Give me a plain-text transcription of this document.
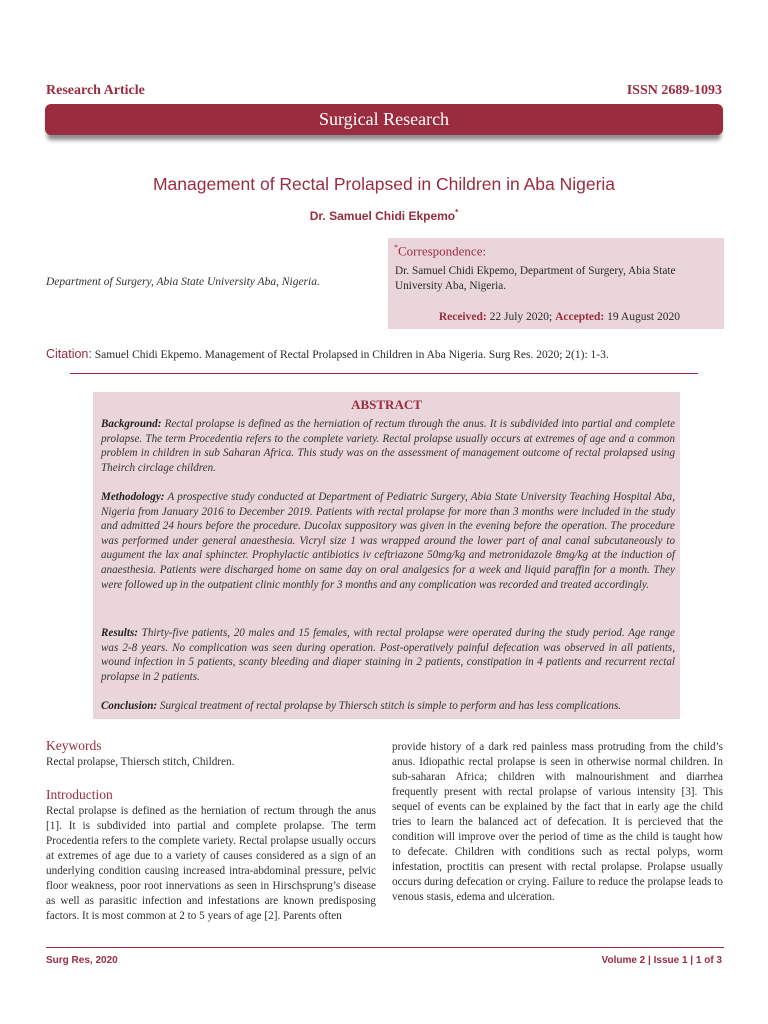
Research Article	ISSN 2689-1093
Surgical Research
Management of Rectal Prolapsed in Children in Aba Nigeria
Dr. Samuel Chidi Ekpemo*
Department of Surgery, Abia State University Aba, Nigeria.
*Correspondence:
Dr. Samuel Chidi Ekpemo, Department of Surgery, Abia State University Aba, Nigeria.
Received: 22 July 2020; Accepted: 19 August 2020
Citation: Samuel Chidi Ekpemo. Management of Rectal Prolapsed in Children in Aba Nigeria. Surg Res. 2020; 2(1): 1-3.
ABSTRACT

Background: Rectal prolapse is defined as the herniation of rectum through the anus. It is subdivided into partial and complete prolapse. The term Procedentia refers to the complete variety. Rectal prolapse usually occurs at extremes of age and a common problem in children in sub Saharan Africa. This study was on the assessment of management outcome of rectal prolapsed using Theirch circlage children.

Methodology: A prospective study conducted at Department of Pediatric Surgery, Abia State University Teaching Hospital Aba, Nigeria from January 2016 to December 2019. Patients with rectal prolapse for more than 3 months were included in the study and admitted 24 hours before the procedure. Ducolax suppository was given in the evening before the operation. The procedure was performed under general anaesthesia. Vicryl size 1 was wrapped around the lower part of anal canal subcutaneously to augument the lax anal sphincter. Prophylactic antibiotics iv ceftriazone 50mg/kg and metronidazole 8mg/kg at the induction of anaesthesia. Patients were discharged home on same day on oral analgesics for a week and liquid paraffin for a month. They were followed up in the outpatient clinic monthly for 3 months and any complication was recorded and treated accordingly.

Results: Thirty-five patients, 20 males and 15 females, with rectal prolapse were operated during the study period. Age range was 2-8 years. No complication was seen during operation. Post-operatively painful defecation was observed in all patients, wound infection in 5 patients, scanty bleeding and diaper staining in 2 patients, constipation in 4 patients and recurrent rectal prolapse in 2 patients.

Conclusion: Surgical treatment of rectal prolapse by Thiersch stitch is simple to perform and has less complications.

Keywords
Rectal prolapse, Thiersch stitch, Children.
Introduction

Rectal prolapse is defined as the herniation of rectum through the anus [1]. It is subdivided into partial and complete prolapse. The term Procedentia refers to the complete variety. Rectal prolapse usually occurs at extremes of age due to a variety of causes considered as a sign of an underlying condition causing increased intra-abdominal pressure, pelvic floor weakness, poor root innervations as seen in Hirschsprung’s disease as well as parasitic infection and infestations are known predisposing factors. It is most common at 2 to 5 years of age [2]. Parents often

provide history of a dark red painless mass protruding from the child’s anus. Idiopathic rectal prolapse is seen in otherwise normal children. In sub-saharan Africa; children with malnourishment and diarrhea frequently present with rectal prolapse of various intensity [3]. This sequel of events can be explained by the fact that in early age the child tries to learn the balanced act of defecation. It is percieved that the condition will improve over the period of time as the child is taught how to defecate. Children with conditions such as rectal polyps, worm infestation, proctitis can present with rectal prolapse. Prolapse usually occurs during defecation or crying. Failure to reduce the prolapse leads to venous stasis, edema and ulceration.

Surg Res, 2020	Volume 2 | Issue 1 | 1 of 3
